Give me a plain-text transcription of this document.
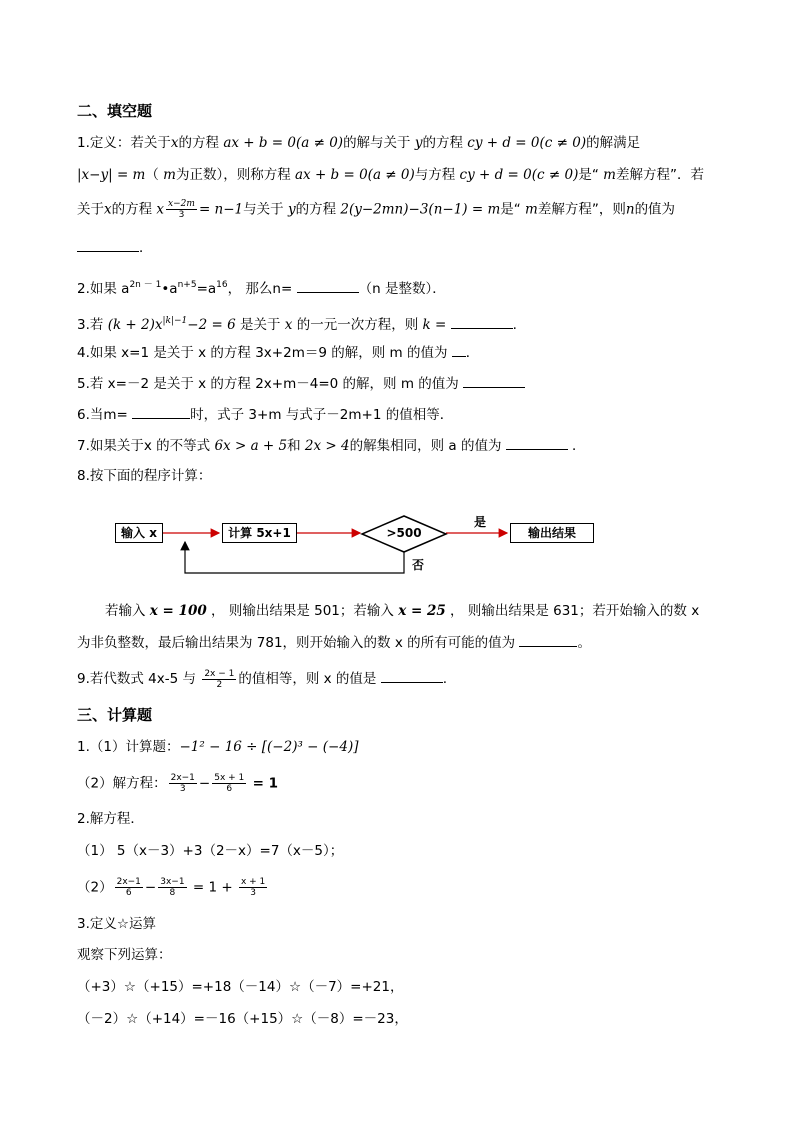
二、填空题
1.定义：若关于x的方程 ax + b = 0(a ≠ 0)的解与关于 y的方程 cy + d = 0(c ≠ 0)的解满足
|x−y| = m（ m为正数），则称方程 ax + b = 0(a ≠ 0)与方程 cy + d = 0(c ≠ 0)是“ m差解方程”．若
关于x的方程 x $\frac{x-2m}{3} = n-1$与关于 y的方程 2(y−2mn)−3(n−1) = m是“ m差解方程”，则n的值为
．
2.如果 $a^{2n - 1}•a^{n+5}=a^{16}$， 那么n=	（n 是整数）．
3.若 $(k + 2)x^{|k|-1}-2 = 6$ 是关于 x 的一元一次方程，则 k =	.
4.如果 x=1 是关于 x 的方程 3x+2m＝9 的解，则 m 的值为 ．
5.若 x=－2 是关于 x 的方程 2x+m－4=0 的解，则 m 的值为
6.当m=	时，式子 3+m 与式子－2m+1 的值相等．
7.如果关于x 的不等式 6x > a + 5和 2x > 4的解集相同，则 a 的值为	．
8.按下面的程序计算：
输入 x	计算 5x+1	>500	输出结果
是
否
若输入 x = 100 ， 则输出结果是 501；若输入 x = 25 ， 则输出结果是 631；若开始输入的数 x
为非负整数，最后输出结果为 781，则开始输入的数 x 的所有可能的值为	。
9.若代数式 4x-5 与 $\frac{2x - 1}{2}$ 的值相等，则 x 的值是	.
三、计算题
1.（1）计算题：−1² − 16 ÷ [(−2)³ − (−4)]
（2）解方程： $\frac{2x-1}{3} - \frac{5x + 1}{6} = 1$
2.解方程．
（1） 5（x－3）+3（2－x）=7（x－5）；
$(2) \frac{2x-1}{6} - \frac{3x-1}{8} = 1 + \frac{x + 1}{3}$
3.定义☆运算
观察下列运算：
（+3）☆（+15）=+18（－14）☆（－7）=+21，
（－2）☆（+14）=－16（+15）☆（－8）=－23，
